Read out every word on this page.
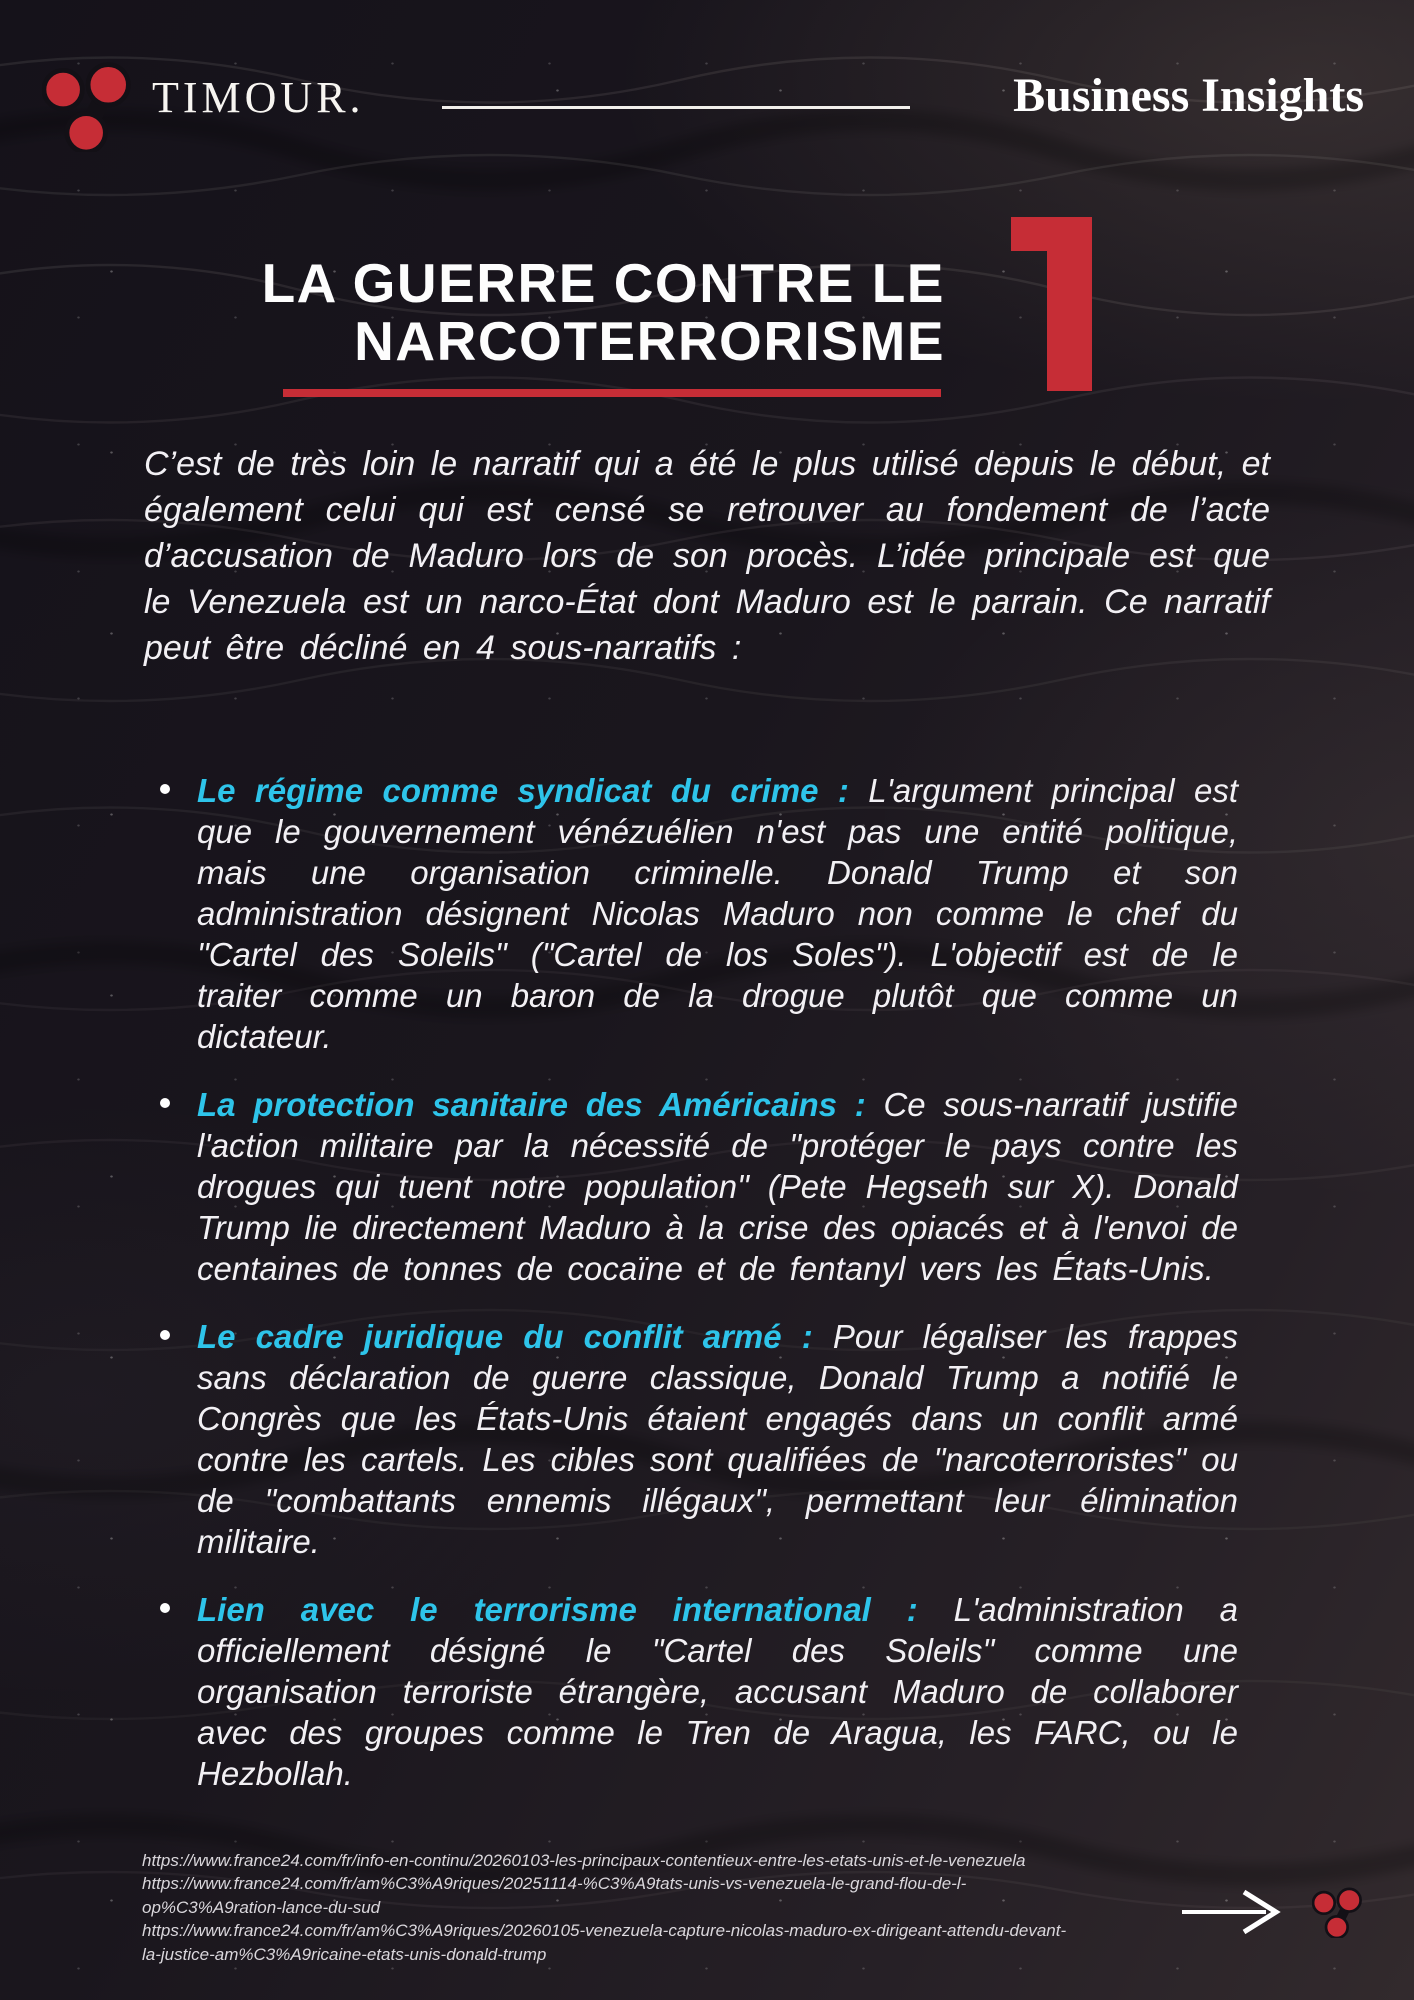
TIMOUR.	Business Insights
LA GUERRE CONTRE LE
NARCOTERRORISME
C’est de très loin le narratif qui a été le plus utilisé depuis le début, et également celui qui est censé se retrouver au fondement de l’acte d’accusation de Maduro lors de son procès. L’idée principale est que le Venezuela est un narco-État dont Maduro est le parrain. Ce narratif peut être décliné en 4 sous-narratifs :
Le régime comme syndicat du crime : L'argument principal est que le gouvernement vénézuélien n'est pas une entité politique, mais une organisation criminelle. Donald Trump et son administration désignent Nicolas Maduro non comme le chef du "Cartel des Soleils" ("Cartel de los Soles"). L'objectif est de le traiter comme un baron de la drogue plutôt que comme un dictateur.
La protection sanitaire des Américains : Ce sous-narratif justifie l'action militaire par la nécessité de "protéger le pays contre les drogues qui tuent notre population" (Pete Hegseth sur X). Donald Trump lie directement Maduro à la crise des opiacés et à l'envoi de centaines de tonnes de cocaïne et de fentanyl vers les États-Unis.
Le cadre juridique du conflit armé : Pour légaliser les frappes sans déclaration de guerre classique, Donald Trump a notifié le Congrès que les États-Unis étaient engagés dans un conflit armé contre les cartels. Les cibles sont qualifiées de "narcoterroristes" ou de "combattants ennemis illégaux", permettant leur élimination militaire.
Lien avec le terrorisme international : L'administration a officiellement désigné le "Cartel des Soleils" comme une organisation terroriste étrangère, accusant Maduro de collaborer avec des groupes comme le Tren de Aragua, les FARC, ou le Hezbollah.
https://www.france24.com/fr/info-en-continu/20260103-les-principaux-contentieux-entre-les-etats-unis-et-le-venezuela
https://www.france24.com/fr/am%C3%A9riques/20251114-%C3%A9tats-unis-vs-venezuela-le-grand-flou-de-l-op%C3%A9ration-lance-du-sud
https://www.france24.com/fr/am%C3%A9riques/20260105-venezuela-capture-nicolas-maduro-ex-dirigeant-attendu-devant-la-justice-am%C3%A9ricaine-etats-unis-donald-trump
